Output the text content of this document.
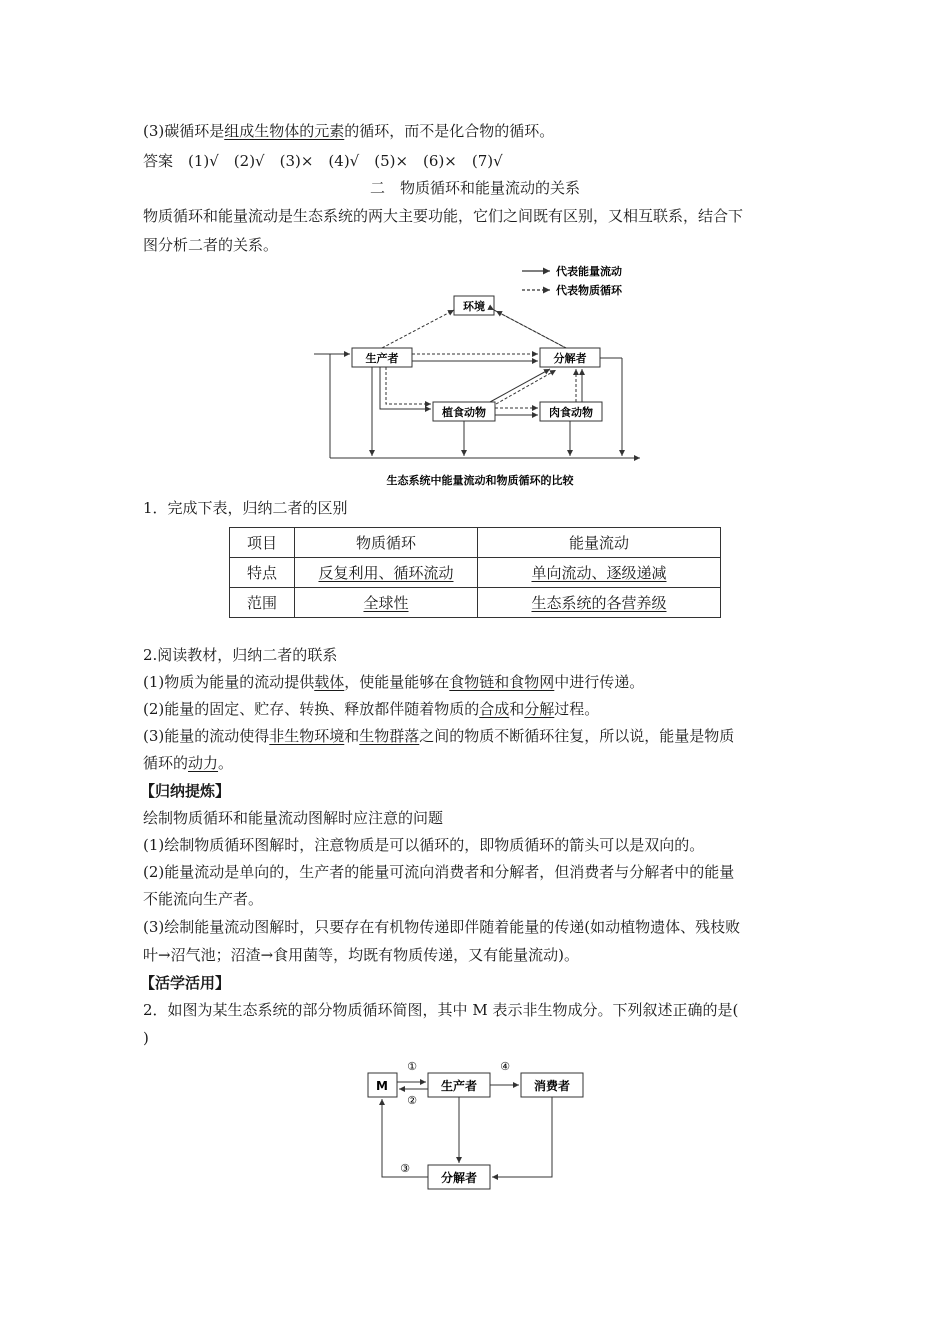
(3)碳循环是组成生物体的元素的循环，而不是化合物的循环。
答案　(1)√　(2)√　(3)×　(4)√　(5)×　(6)×　(7)√
二　物质循环和能量流动的关系
物质循环和能量流动是生态系统的两大主要功能，它们之间既有区别，又相互联系，结合下
图分析二者的关系。
代表能量流动
代表物质循环
环境
生产者	分解者
植食动物	肉食动物
生态系统中能量流动和物质循环的比较
1．完成下表，归纳二者的区别
项目	物质循环	能量流动
特点	反复利用、循环流动	单向流动、逐级递减
范围	全球性	生态系统的各营养级
2.阅读教材，归纳二者的联系
(1)物质为能量的流动提供载体，使能量能够在食物链和食物网中进行传递。
(2)能量的固定、贮存、转换、释放都伴随着物质的合成和分解过程。
(3)能量的流动使得非生物环境和生物群落之间的物质不断循环往复，所以说，能量是物质
循环的动力。
【归纳提炼】
绘制物质循环和能量流动图解时应注意的问题
(1)绘制物质循环图解时，注意物质是可以循环的，即物质循环的箭头可以是双向的。
(2)能量流动是单向的，生产者的能量可流向消费者和分解者，但消费者与分解者中的能量
不能流向生产者。
(3)绘制能量流动图解时，只要存在有机物传递即伴随着能量的传递(如动植物遗体、残枝败
叶→沼气池；沼渣→食用菌等，均既有物质传递，又有能量流动)。
【活学活用】
2．如图为某生态系统的部分物质循环简图，其中 M 表示非生物成分。下列叙述正确的是(
)
M	生产者	消费者
分解者
①
②
④
③
